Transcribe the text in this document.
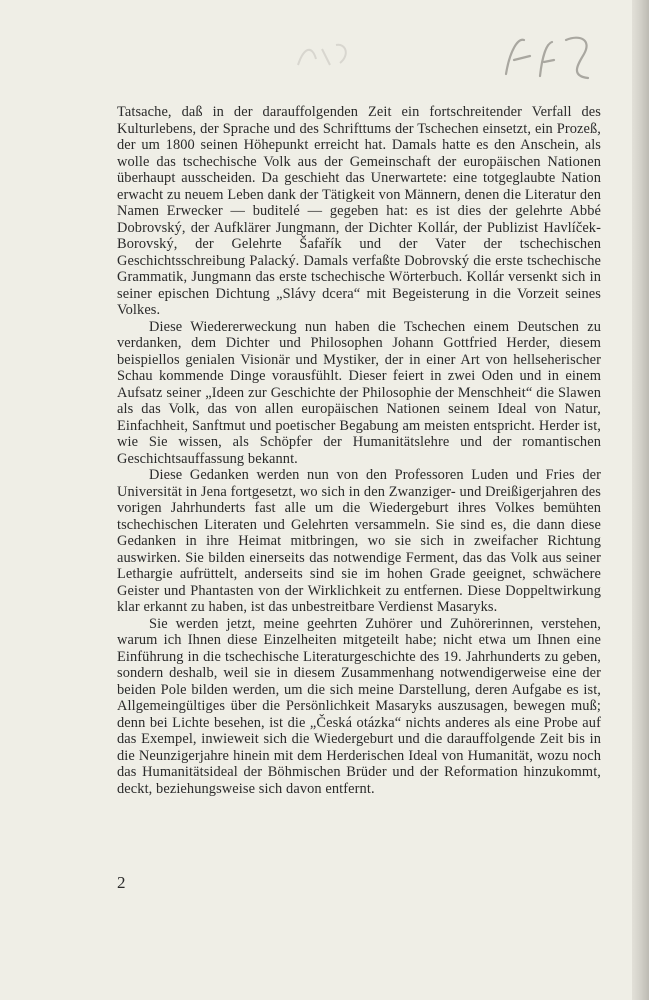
Tatsache, daß in der darauffolgenden Zeit ein fortschreitender Verfall des Kulturlebens, der Sprache und des Schrifttums der Tschechen einsetzt, ein Prozeß, der um 1800 seinen Höhepunkt erreicht hat. Damals hatte es den Anschein, als wolle das tschechische Volk aus der Gemeinschaft der europäischen Nationen überhaupt ausscheiden. Da geschieht das Unerwartete: eine totgeglaubte Nation erwacht zu neuem Leben dank der Tätigkeit von Männern, denen die Literatur den Namen Erwecker — buditelé — gegeben hat: es ist dies der gelehrte Abbé Dobrovský, der Aufklärer Jungmann, der Dichter Kollár, der Publizist Havlíček-Borovský, der Gelehrte Šafařík und der Vater der tschechischen Geschichtsschreibung Palacký. Damals verfaßte Dobrovský die erste tschechische Grammatik, Jungmann das erste tschechische Wörterbuch. Kollár versenkt sich in seiner epischen Dichtung „Slávy dcera“ mit Begeisterung in die Vorzeit seines Volkes.

Diese Wiedererweckung nun haben die Tschechen einem Deutschen zu verdanken, dem Dichter und Philosophen Johann Gottfried Herder, diesem beispiellos genialen Visionär und Mystiker, der in einer Art von hellseherischer Schau kommende Dinge vorausfühlt. Dieser feiert in zwei Oden und in einem Aufsatz seiner „Ideen zur Geschichte der Philosophie der Menschheit“ die Slawen als das Volk, das von allen europäischen Nationen seinem Ideal von Natur, Einfachheit, Sanftmut und poetischer Begabung am meisten entspricht. Herder ist, wie Sie wissen, als Schöpfer der Humanitätslehre und der romantischen Geschichtsauffassung bekannt.

Diese Gedanken werden nun von den Professoren Luden und Fries der Universität in Jena fortgesetzt, wo sich in den Zwanziger- und Dreißigerjahren des vorigen Jahrhunderts fast alle um die Wiedergeburt ihres Volkes bemühten tschechischen Literaten und Gelehrten versammeln. Sie sind es, die dann diese Gedanken in ihre Heimat mitbringen, wo sie sich in zweifacher Richtung auswirken. Sie bilden einerseits das notwendige Ferment, das das Volk aus seiner Lethargie aufrüttelt, anderseits sind sie im hohen Grade geeignet, schwächere Geister und Phantasten von der Wirklichkeit zu entfernen. Diese Doppeltwirkung klar erkannt zu haben, ist das unbestreitbare Verdienst Masaryks.

Sie werden jetzt, meine geehrten Zuhörer und Zuhörerinnen, verstehen, warum ich Ihnen diese Einzelheiten mitgeteilt habe; nicht etwa um Ihnen eine Einführung in die tschechische Literaturgeschichte des 19. Jahrhunderts zu geben, sondern deshalb, weil sie in diesem Zusammenhang notwendigerweise eine der beiden Pole bilden werden, um die sich meine Darstellung, deren Aufgabe es ist, Allgemeingültiges über die Persönlichkeit Masaryks auszusagen, bewegen muß; denn bei Lichte besehen, ist die „Česká otázka“ nichts anderes als eine Probe auf das Exempel, inwieweit sich die Wiedergeburt und die darauffolgende Zeit bis in die Neunzigerjahre hinein mit dem Herderischen Ideal von Humanität, wozu noch das Humanitätsideal der Böhmischen Brüder und der Reformation hinzukommt, deckt, beziehungsweise sich davon entfernt.

2
